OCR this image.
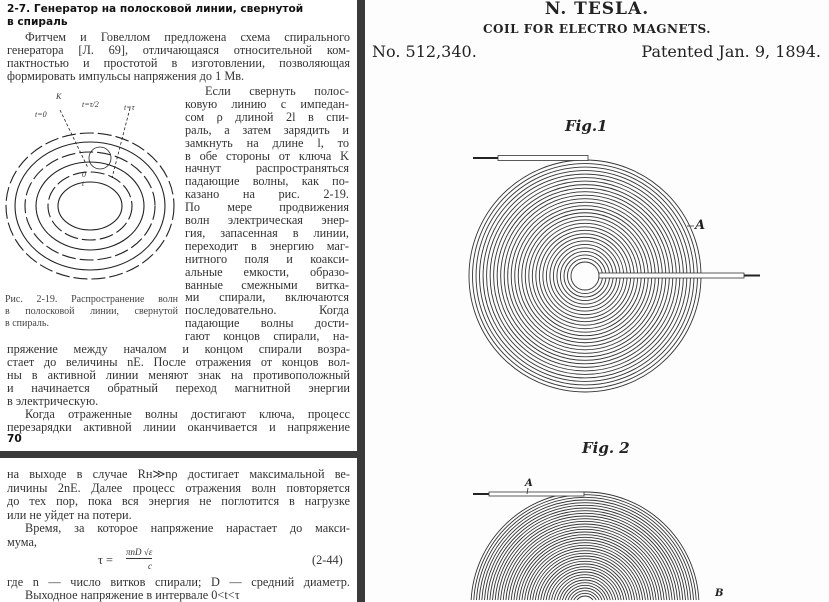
2-7. Генератор на полосковой линии, свернутой
в спираль
Фитчем и Говеллом предложена схема спирального
генератора [Л. 69], отличающаяся относительной ком-
пактностью и простотой в изготовлении, позволяющая
формировать импульсы напряжения до 1 Мв.
Если свернуть полос-
ковую линию с импедан-
сом ρ длиной 2l в спи-
раль, а затем зарядить и
замкнуть на длине l, то
в обе стороны от ключа K
начнут распространяться
падающие волны, как по-
казано на рис. 2-19.
По мере продвижения
волн электрическая энер-
гия, запасенная в линии,
переходит в энергию маг-
нитного поля и коакси-
альные емкости, образо-
ванные смежными витка-
ми спирали, включаются
последовательно. Когда
падающие волны дости-
гают концов спирали, на-
K
t=0
t=τ/2	t=τ
0
t
Рис. 2-19. Распространение волн
в полосковой линии, свернутой
в спираль.
пряжение между началом и концом спирали возра-
стает до величины nE. После отражения от концов вол-
ны в активной линии меняют знак на противоположный
и начинается обратный переход магнитной энергии
в электрическую.
Когда отраженные волны достигают ключа, процесс
перезарядки активной линии оканчивается и напряжение
70
на выходе в случае Rн≫nρ достигает максимальной ве-
личины 2nE. Далее процесс отражения волн повторяется
до тех пор, пока вся энергия не поглотится в нагрузке
или не уйдет на потери.
τ =
πnD √ε
c	(2-44)
Время, за которое напряжение нарастает до макси-
мума,
где n — число витков спирали; D — средний диаметр.
Выходное напряжение в интервале 0<t<τ
N. TESLA.
COIL FOR ELECTRO MAGNETS.
No. 512,340.	Patented Jan. 9, 1894.
Fig.1
A
Fig. 2
A
B
